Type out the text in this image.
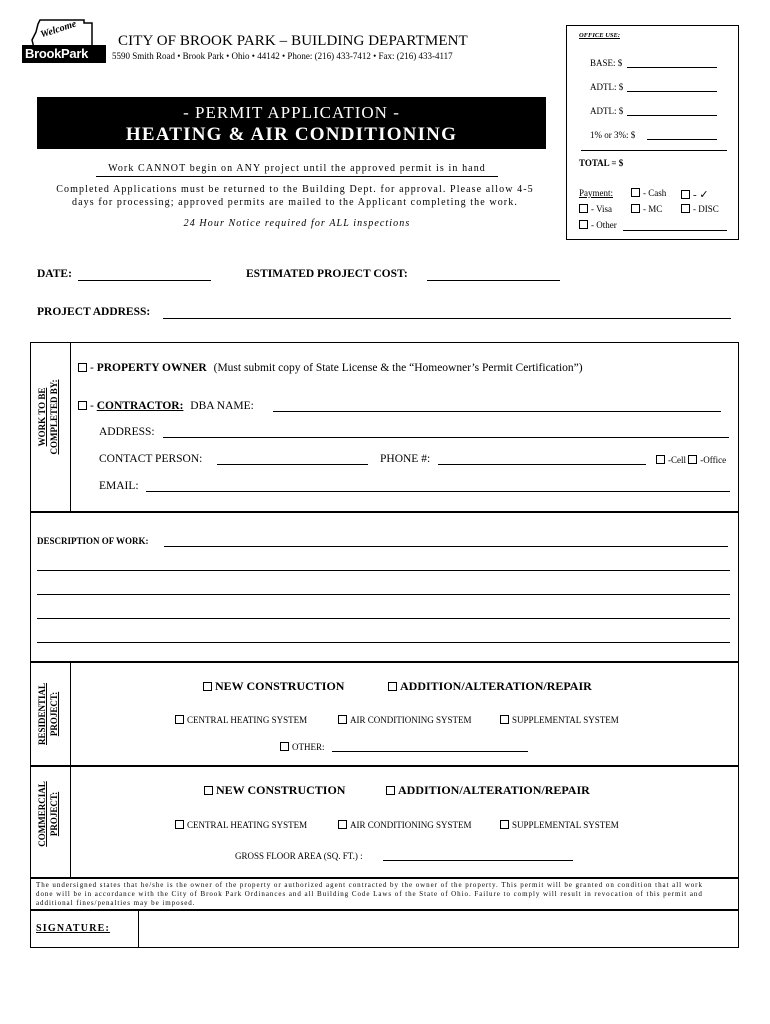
Welcome
BrookPark
CITY OF BROOK PARK – BUILDING DEPARTMENT
5590 Smith Road • Brook Park • Ohio • 44142 • Phone: (216) 433-7412 • Fax: (216) 433-4117
OFFICE USE:
BASE: $
ADTL: $
ADTL: $
1% or 3%: $
TOTAL = $
Payment:	- Cash	- ✓
- Visa	- MC	- DISC
- Other
- PERMIT APPLICATION -
HEATING & AIR CONDITIONING
Work CANNOT begin on ANY project until the approved permit is in hand
Completed Applications must be returned to the Building Dept. for approval. Please allow 4-5
days for processing; approved permits are mailed to the Applicant completing the work.
24 Hour Notice required for ALL inspections
DATE:	ESTIMATED PROJECT COST:
PROJECT ADDRESS:
WORK TO BE COMPLETED BY:
- PROPERTY OWNER (Must submit copy of State License & the “Homeowner’s Permit Certification”)
- CONTRACTOR: DBA NAME:
ADDRESS:
CONTACT PERSON:	PHONE #:	-Cell -Office
EMAIL:
DESCRIPTION OF WORK:
RESIDENTIAL PROJECT:
NEW CONSTRUCTION	ADDITION/ALTERATION/REPAIR
CENTRAL HEATING SYSTEM	AIR CONDITIONING SYSTEM	SUPPLEMENTAL SYSTEM
OTHER:
COMMERCIAL PROJECT:
NEW CONSTRUCTION	ADDITION/ALTERATION/REPAIR
CENTRAL HEATING SYSTEM	AIR CONDITIONING SYSTEM	SUPPLEMENTAL SYSTEM
GROSS FLOOR AREA (SQ. FT.) :
The undersigned states that he/she is the owner of the property or authorized agent contracted by the owner of the property. This permit will be granted on condition that all work
done will be in accordance with the City of Brook Park Ordinances and all Building Code Laws of the State of Ohio. Failure to comply will result in revocation of this permit and
additional fines/penalties may be imposed.
SIGNATURE:
